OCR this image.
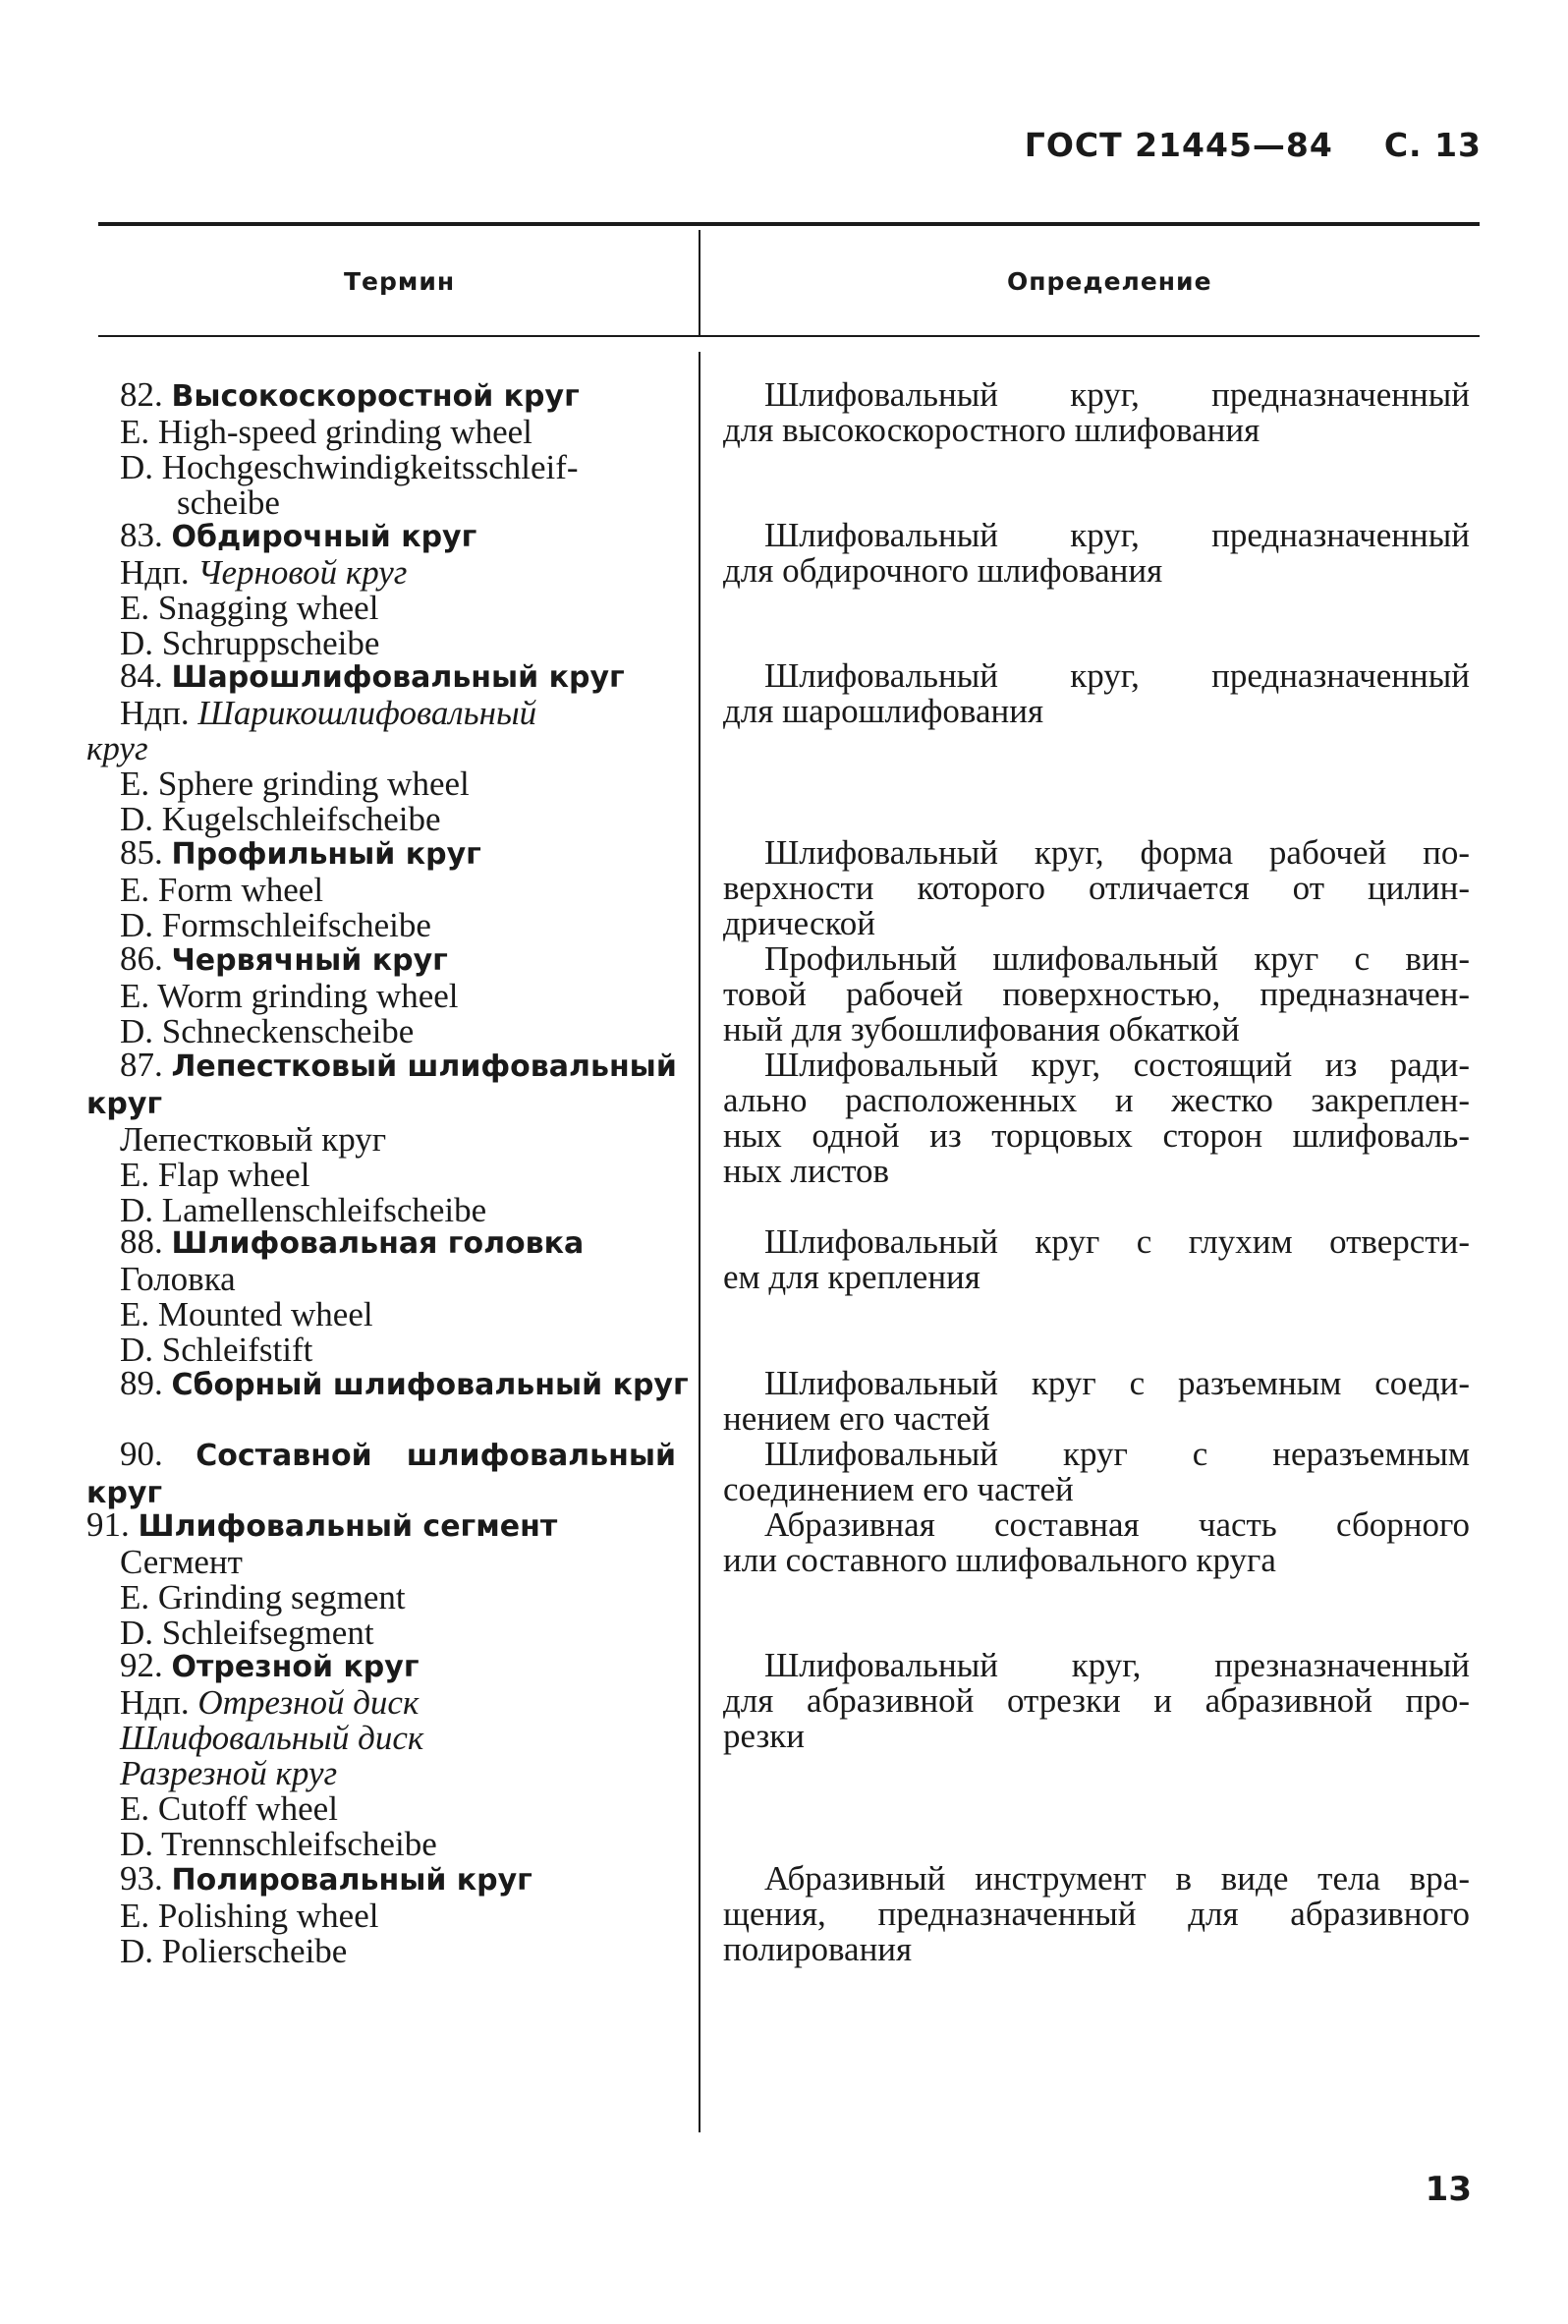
ГОСТ 21445—84 С. 13
Термин	Определение
82. Высокоскоростной круг
E. High-speed grinding wheel
D. Hochgeschwindigkeitsschleif-
scheibe
Шлифовальный круг, предназначенный
для высокоскоростного шлифования
83. Обдирочный круг
Ндп. Черновой круг
E. Snagging wheel
D. Schruppscheibe
Шлифовальный круг, предназначенный
для обдирочного шлифования
84. Шарошлифовальный круг
Ндп. Шарикошлифовальный
круг
E. Sphere grinding wheel
D. Kugelschleifscheibe
Шлифовальный круг, предназначенный
для шарошлифования
85. Профильный круг
E. Form wheel
D. Formschleifscheibe
Шлифовальный круг, форма рабочей по-
верхности которого отличается от цилин-
дрической
86. Червячный круг
E. Worm grinding wheel
D. Schneckenscheibe
Профильный шлифовальный круг с вин-
товой рабочей поверхностью, предназначен-
ный для зубошлифования обкаткой
87. Лепестковый шлифовальный
круг
Лепестковый круг
E. Flap wheel
D. Lamellenschleifscheibe
Шлифовальный круг, состоящий из ради-
ально расположенных и жестко закреплен-
ных одной из торцовых сторон шлифоваль-
ных листов
88. Шлифовальная головка
Головка
E. Mounted wheel
D. Schleifstift
Шлифовальный круг с глухим отверсти-
ем для крепления
89. Сборный шлифовальный круг	Шлифовальный круг с разъемным соеди-
нением его частей
90. Составной шлифовальный
круг
Шлифовальный круг с неразъемным
соединением его частей
91. Шлифовальный сегмент
Сегмент
E. Grinding segment
D. Schleifsegment
Абразивная составная часть сборного
или составного шлифовального круга
92. Отрезной круг
Ндп. Отрезной диск
Шлифовальный диск
Разрезной круг
E. Cutoff wheel
D. Trennschleifscheibe
Шлифовальный круг, презназначенный
для абразивной отрезки и абразивной про-
резки
93. Полировальный круг
E. Polishing wheel
D. Polierscheibe
Абразивный инструмент в виде тела вра-
щения, предназначенный для абразивного
полирования
13
